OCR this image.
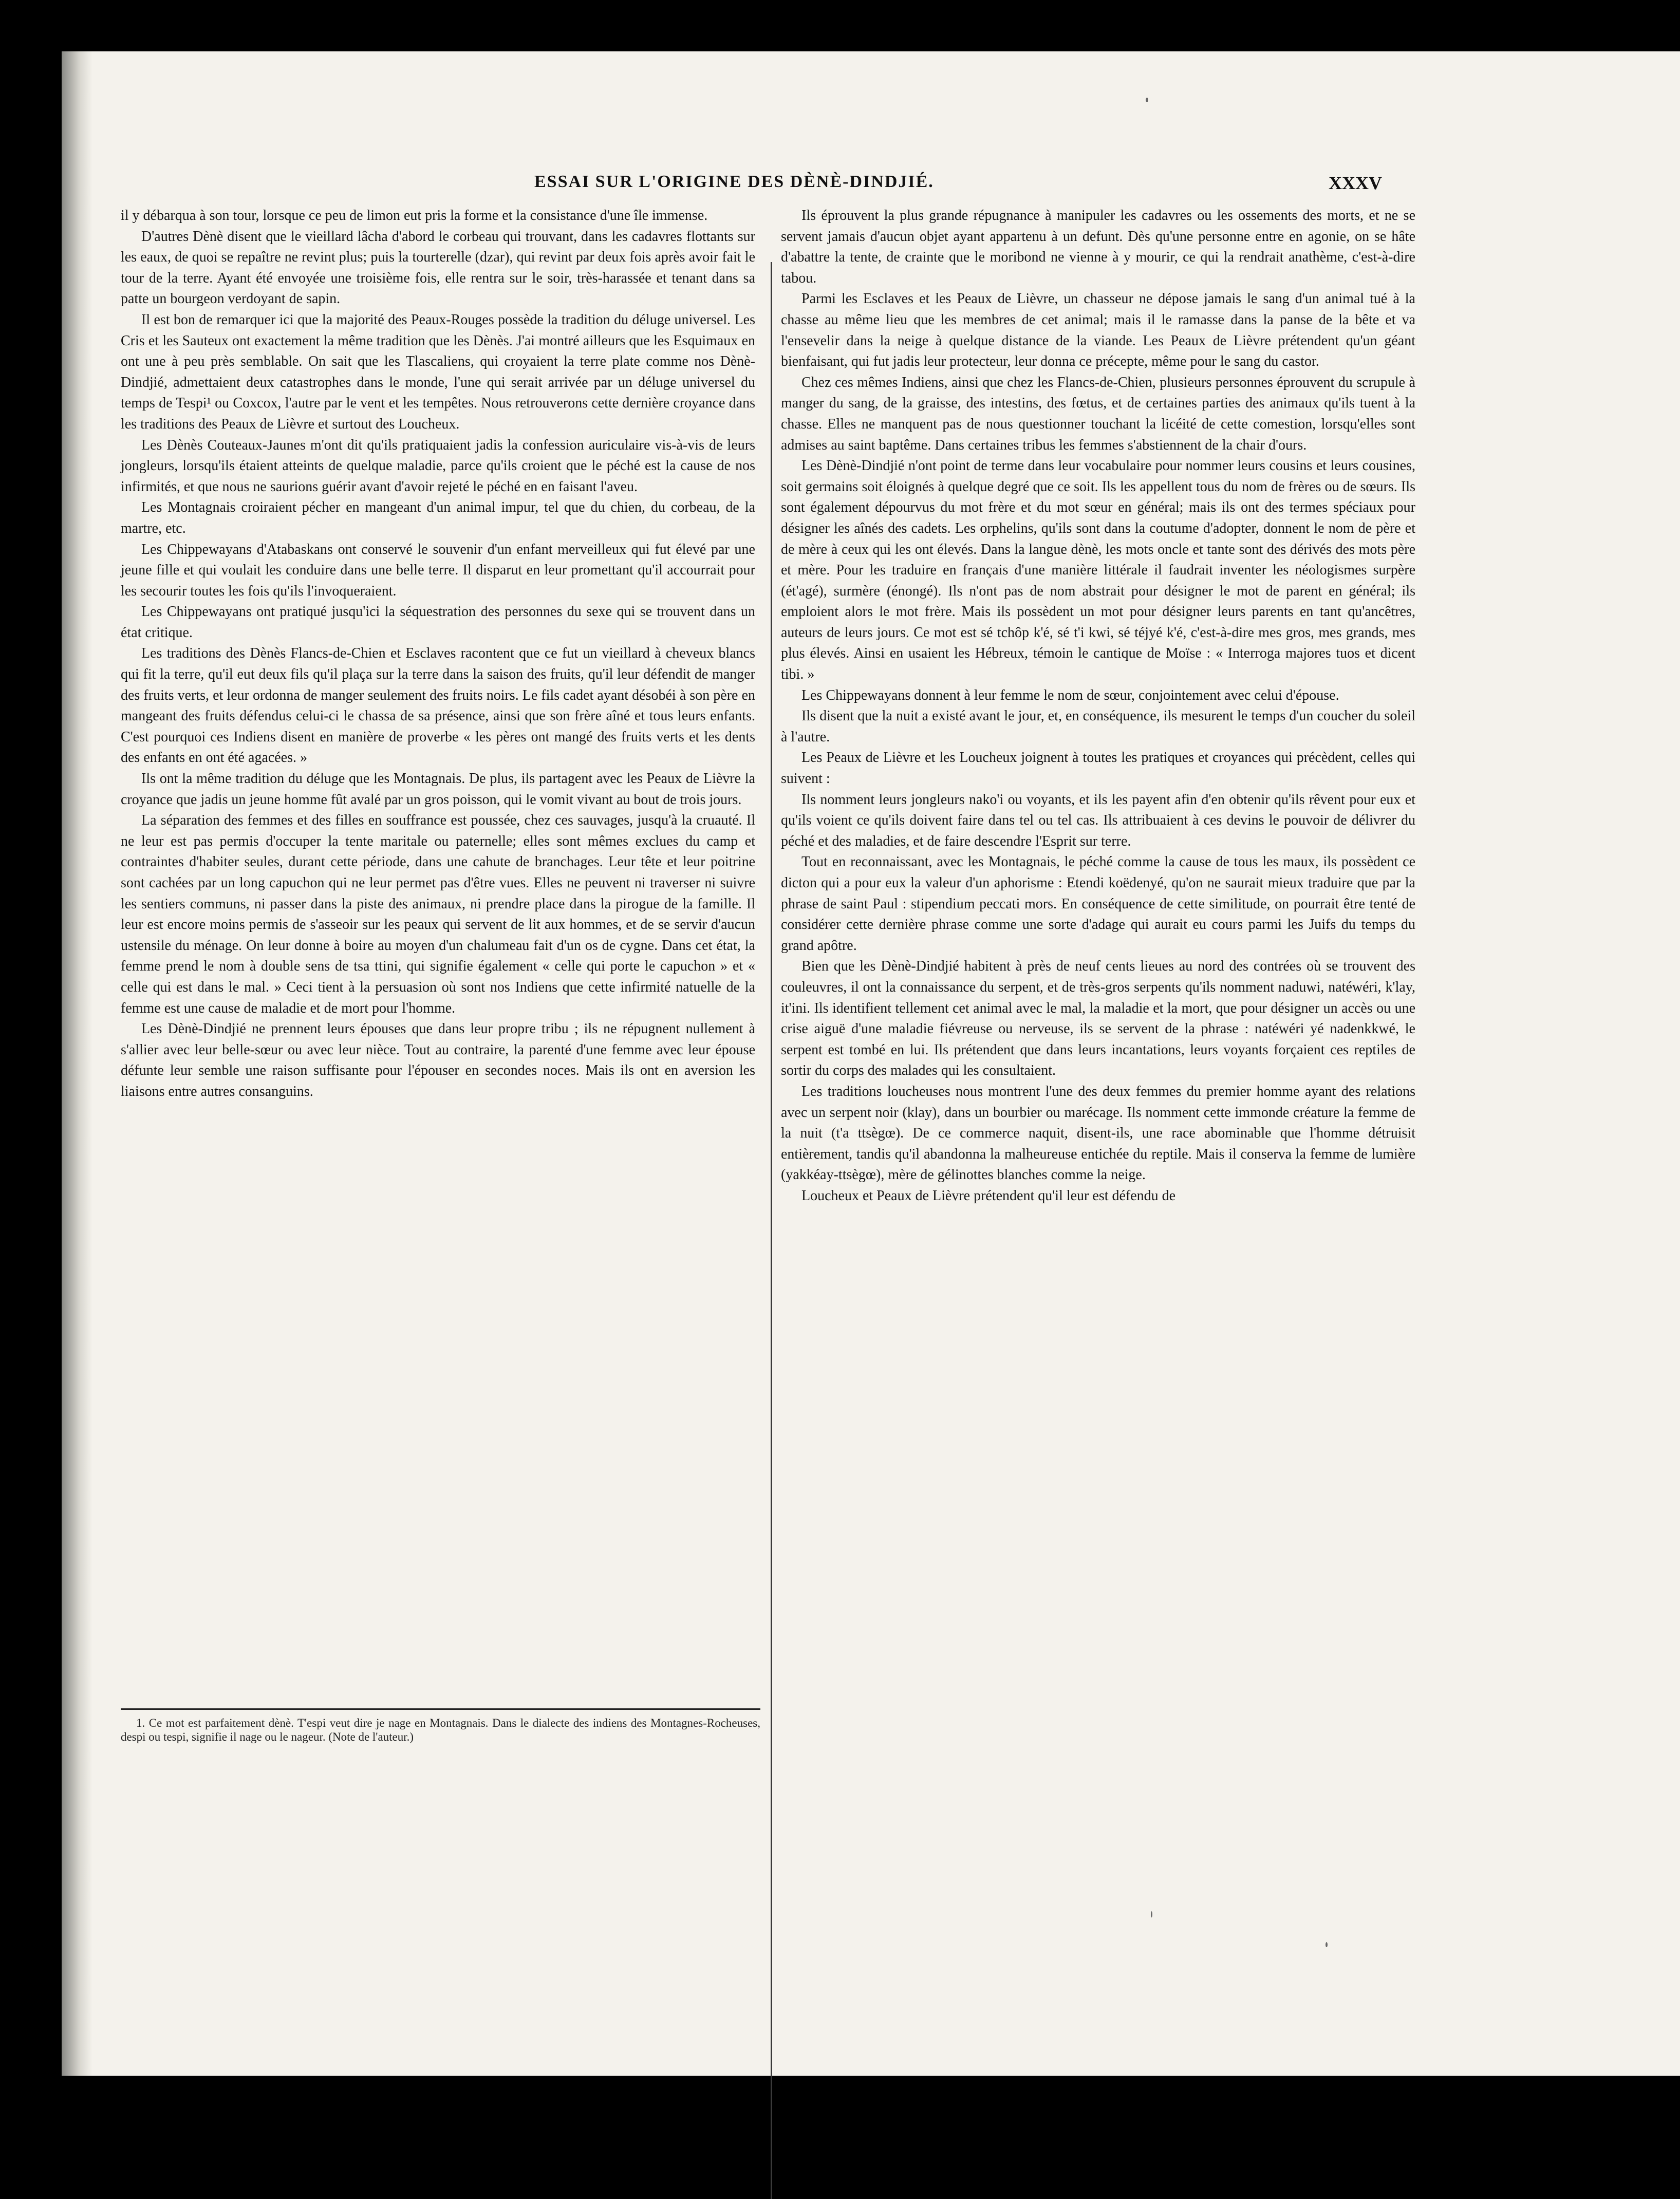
ESSAI SUR L'ORIGINE DES DÈNÈ-DINDJIÉ.	XXXV

il y débarqua à son tour, lorsque ce peu de limon eut pris la forme et la consistance d'une île immense.

D'autres Dènè disent que le vieillard lâcha d'abord le corbeau qui trouvant, dans les cadavres flottants sur les eaux, de quoi se repaître ne revint plus; puis la tourterelle (dzar), qui revint par deux fois après avoir fait le tour de la terre. Ayant été envoyée une troisième fois, elle rentra sur le soir, très-harassée et tenant dans sa patte un bourgeon verdoyant de sapin.

Il est bon de remarquer ici que la majorité des Peaux-Rouges possède la tradition du déluge universel. Les Cris et les Sauteux ont exactement la même tradition que les Dènès. J'ai montré ailleurs que les Esquimaux en ont une à peu près semblable. On sait que les Tlascaliens, qui croyaient la terre plate comme nos Dènè-Dindjié, admettaient deux catastrophes dans le monde, l'une qui serait arrivée par un déluge universel du temps de Tespi¹ ou Coxcox, l'autre par le vent et les tempêtes. Nous retrouverons cette dernière croyance dans les traditions des Peaux de Lièvre et surtout des Loucheux.

Les Dènès Couteaux-Jaunes m'ont dit qu'ils pratiquaient jadis la confession auriculaire vis-à-vis de leurs jongleurs, lorsqu'ils étaient atteints de quelque maladie, parce qu'ils croient que le péché est la cause de nos infirmités, et que nous ne saurions guérir avant d'avoir rejeté le péché en en faisant l'aveu.

Les Montagnais croiraient pécher en mangeant d'un animal impur, tel que du chien, du corbeau, de la martre, etc.

Les Chippewayans d'Atabaskans ont conservé le souvenir d'un enfant merveilleux qui fut élevé par une jeune fille et qui voulait les conduire dans une belle terre. Il disparut en leur promettant qu'il accourrait pour les secourir toutes les fois qu'ils l'invoqueraient.

Les Chippewayans ont pratiqué jusqu'ici la séquestration des personnes du sexe qui se trouvent dans un état critique.

Les traditions des Dènès Flancs-de-Chien et Esclaves racontent que ce fut un vieillard à cheveux blancs qui fit la terre, qu'il eut deux fils qu'il plaça sur la terre dans la saison des fruits, qu'il leur défendit de manger des fruits verts, et leur ordonna de manger seulement des fruits noirs. Le fils cadet ayant désobéi à son père en mangeant des fruits défendus celui-ci le chassa de sa présence, ainsi que son frère aîné et tous leurs enfants. C'est pourquoi ces Indiens disent en manière de proverbe « les pères ont mangé des fruits verts et les dents des enfants en ont été agacées. »

Ils ont la même tradition du déluge que les Montagnais. De plus, ils partagent avec les Peaux de Lièvre la croyance que jadis un jeune homme fût avalé par un gros poisson, qui le vomit vivant au bout de trois jours.

La séparation des femmes et des filles en souffrance est poussée, chez ces sauvages, jusqu'à la cruauté. Il ne leur est pas permis d'occuper la tente maritale ou paternelle; elles sont mêmes exclues du camp et contraintes d'habiter seules, durant cette période, dans une cahute de branchages. Leur tête et leur poitrine sont cachées par un long capuchon qui ne leur permet pas d'être vues. Elles ne peuvent ni traverser ni suivre les sentiers communs, ni passer dans la piste des animaux, ni prendre place dans la pirogue de la famille. Il leur est encore moins permis de s'asseoir sur les peaux qui servent de lit aux hommes, et de se servir d'aucun ustensile du ménage. On leur donne à boire au moyen d'un chalumeau fait d'un os de cygne. Dans cet état, la femme prend le nom à double sens de tsa ttini, qui signifie également « celle qui porte le capuchon » et « celle qui est dans le mal. » Ceci tient à la persuasion où sont nos Indiens que cette infirmité natuelle de la femme est une cause de maladie et de mort pour l'homme.

Les Dènè-Dindjié ne prennent leurs épouses que dans leur propre tribu ; ils ne répugnent nullement à s'allier avec leur belle-sœur ou avec leur nièce. Tout au contraire, la parenté d'une femme avec leur épouse défunte leur semble une raison suffisante pour l'épouser en secondes noces. Mais ils ont en aversion les liaisons entre autres consanguins.

1. Ce mot est parfaitement dènè. T'espi veut dire je nage en Montagnais. Dans le dialecte des indiens des Montagnes-Rocheuses, despi ou tespi, signifie il nage ou le nageur. (Note de l'auteur.)

Ils éprouvent la plus grande répugnance à manipuler les cadavres ou les ossements des morts, et ne se servent jamais d'aucun objet ayant appartenu à un defunt. Dès qu'une personne entre en agonie, on se hâte d'abattre la tente, de crainte que le moribond ne vienne à y mourir, ce qui la rendrait anathème, c'est-à-dire tabou.

Parmi les Esclaves et les Peaux de Lièvre, un chasseur ne dépose jamais le sang d'un animal tué à la chasse au même lieu que les membres de cet animal; mais il le ramasse dans la panse de la bête et va l'ensevelir dans la neige à quelque distance de la viande. Les Peaux de Lièvre prétendent qu'un géant bienfaisant, qui fut jadis leur protecteur, leur donna ce précepte, même pour le sang du castor.

Chez ces mêmes Indiens, ainsi que chez les Flancs-de-Chien, plusieurs personnes éprouvent du scrupule à manger du sang, de la graisse, des intestins, des fœtus, et de certaines parties des animaux qu'ils tuent à la chasse. Elles ne manquent pas de nous questionner touchant la licéité de cette comestion, lorsqu'elles sont admises au saint baptême. Dans certaines tribus les femmes s'abstiennent de la chair d'ours.

Les Dènè-Dindjié n'ont point de terme dans leur vocabulaire pour nommer leurs cousins et leurs cousines, soit germains soit éloignés à quelque degré que ce soit. Ils les appellent tous du nom de frères ou de sœurs. Ils sont également dépourvus du mot frère et du mot sœur en général; mais ils ont des termes spéciaux pour désigner les aînés des cadets. Les orphelins, qu'ils sont dans la coutume d'adopter, donnent le nom de père et de mère à ceux qui les ont élevés. Dans la langue dènè, les mots oncle et tante sont des dérivés des mots père et mère. Pour les traduire en français d'une manière littérale il faudrait inventer les néologismes surpère (ét'agé), surmère (énongé). Ils n'ont pas de nom abstrait pour désigner le mot de parent en général; ils emploient alors le mot frère. Mais ils possèdent un mot pour désigner leurs parents en tant qu'ancêtres, auteurs de leurs jours. Ce mot est sé tchôp k'é, sé t'i kwi, sé téjyé k'é, c'est-à-dire mes gros, mes grands, mes plus élevés. Ainsi en usaient les Hébreux, témoin le cantique de Moïse : « Interroga majores tuos et dicent tibi. »

Les Chippewayans donnent à leur femme le nom de sœur, conjointement avec celui d'épouse.

Ils disent que la nuit a existé avant le jour, et, en conséquence, ils mesurent le temps d'un coucher du soleil à l'autre.

Les Peaux de Lièvre et les Loucheux joignent à toutes les pratiques et croyances qui précèdent, celles qui suivent :

Ils nomment leurs jongleurs nako'i ou voyants, et ils les payent afin d'en obtenir qu'ils rêvent pour eux et qu'ils voient ce qu'ils doivent faire dans tel ou tel cas. Ils attribuaient à ces devins le pouvoir de délivrer du péché et des maladies, et de faire descendre l'Esprit sur terre.

Tout en reconnaissant, avec les Montagnais, le péché comme la cause de tous les maux, ils possèdent ce dicton qui a pour eux la valeur d'un aphorisme : Etendi koëdenyé, qu'on ne saurait mieux traduire que par la phrase de saint Paul : stipendium peccati mors. En conséquence de cette similitude, on pourrait être tenté de considérer cette dernière phrase comme une sorte d'adage qui aurait eu cours parmi les Juifs du temps du grand apôtre.

Bien que les Dènè-Dindjié habitent à près de neuf cents lieues au nord des contrées où se trouvent des couleuvres, il ont la connaissance du serpent, et de très-gros serpents qu'ils nomment naduwi, natéwéri, k'lay, it'ini. Ils identifient tellement cet animal avec le mal, la maladie et la mort, que pour désigner un accès ou une crise aiguë d'une maladie fiévreuse ou nerveuse, ils se servent de la phrase : natéwéri yé nadenkkwé, le serpent est tombé en lui. Ils prétendent que dans leurs incantations, leurs voyants forçaient ces reptiles de sortir du corps des malades qui les consultaient.

Les traditions loucheuses nous montrent l'une des deux femmes du premier homme ayant des relations avec un serpent noir (klay), dans un bourbier ou marécage. Ils nomment cette immonde créature la femme de la nuit (t'a ttsègœ). De ce commerce naquit, disent-ils, une race abominable que l'homme détruisit entièrement, tandis qu'il abandonna la malheureuse entichée du reptile. Mais il conserva la femme de lumière (yakkéay-ttsègœ), mère de gélinottes blanches comme la neige.

Loucheux et Peaux de Lièvre prétendent qu'il leur est défendu de
